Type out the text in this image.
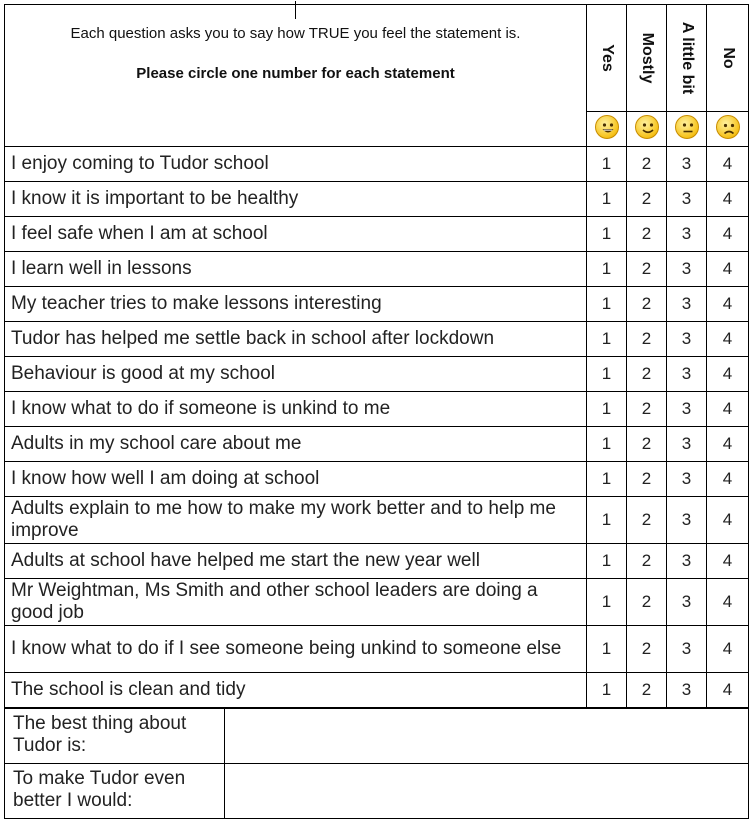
Each question asks you to say how TRUE you feel the statement is.
Please circle one number for each statement	Yes	Mostly	A little bit	No

I enjoy coming to Tudor school	1	2	3	4
I know it is important to be healthy	1	2	3	4
I feel safe when I am at school	1	2	3	4
I learn well in lessons	1	2	3	4
My teacher tries to make lessons interesting	1	2	3	4
Tudor has helped me settle back in school after lockdown	1	2	3	4
Behaviour is good at my school	1	2	3	4
I know what to do if someone is unkind to me	1	2	3	4
Adults in my school care about me	1	2	3	4
I know how well I am doing at school	1	2	3	4
Adults explain to me how to make my work better and to help me improve	1	2	3	4
Adults at school have helped me start the new year well	1	2	3	4
Mr Weightman, Ms Smith and other school leaders are doing a good job	1	2	3	4
I know what to do if I see someone being unkind to someone else	1	2	3	4
The school is clean and tidy	1	2	3	4
The best thing about Tudor is:	
To make Tudor even better I would:	
